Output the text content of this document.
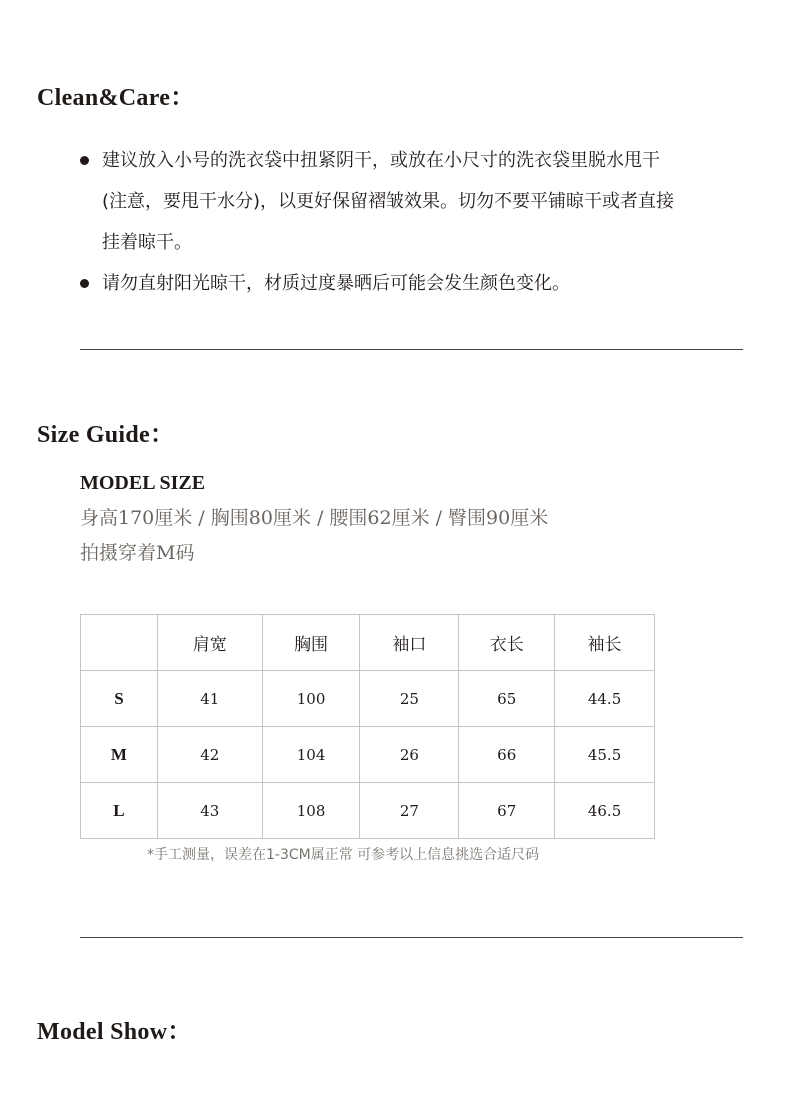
Clean&Care：
建议放入小号的洗衣袋中扭紧阴干，或放在小尺寸的洗衣袋里脱水甩干(注意，要甩干水分)，以更好保留褶皱效果。切勿不要平铺晾干或者直接挂着晾干。
请勿直射阳光晾干，材质过度暴晒后可能会发生颜色变化。
Size Guide：
MODEL SIZE
身高170厘米 / 胸围80厘米 / 腰围62厘米 / 臀围90厘米
拍摄穿着M码
	肩宽	胸围	袖口	衣长	袖长
S	41	100	25	65	44.5
M	42	104	26	66	45.5
L	43	108	27	67	46.5
*手工测量，误差在1-3CM属正常 可参考以上信息挑选合适尺码
Model Show：
